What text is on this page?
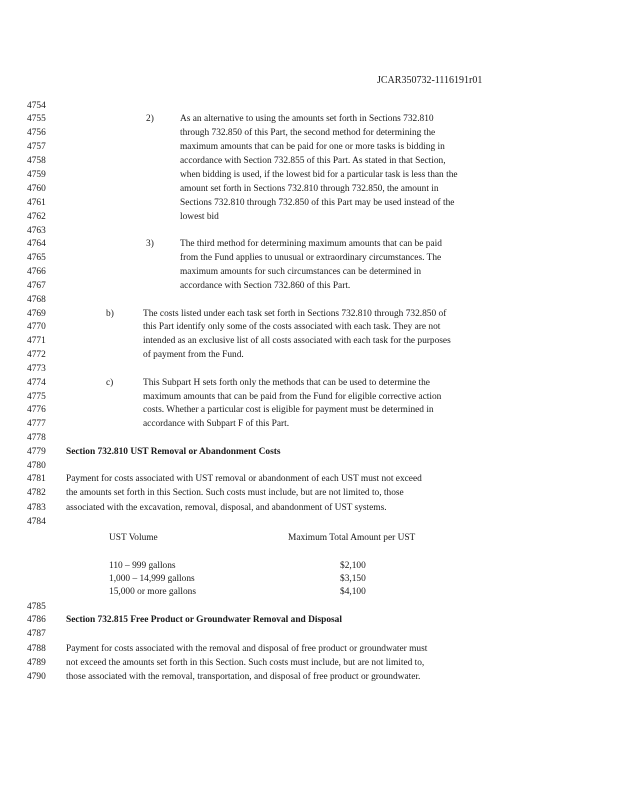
JCAR350732-1116191r01
4754
4755	2)	As an alternative to using the amounts set forth in Sections 732.810
4756	through 732.850 of this Part, the second method for determining the
4757	maximum amounts that can be paid for one or more tasks is bidding in
4758	accordance with Section 732.855 of this Part. As stated in that Section,
4759	when bidding is used, if the lowest bid for a particular task is less than the
4760	amount set forth in Sections 732.810 through 732.850, the amount in
4761	Sections 732.810 through 732.850 of this Part may be used instead of the
4762	lowest bid
4763
4764	3)	The third method for determining maximum amounts that can be paid
4765	from the Fund applies to unusual or extraordinary circumstances. The
4766	maximum amounts for such circumstances can be determined in
4767	accordance with Section 732.860 of this Part.
4768
4769	b)	The costs listed under each task set forth in Sections 732.810 through 732.850 of
4770	this Part identify only some of the costs associated with each task. They are not
4771	intended as an exclusive list of all costs associated with each task for the purposes
4772	of payment from the Fund.
4773
4774	c)	This Subpart H sets forth only the methods that can be used to determine the
4775	maximum amounts that can be paid from the Fund for eligible corrective action
4776	costs. Whether a particular cost is eligible for payment must be determined in
4777	accordance with Subpart F of this Part.
4778
4779 Section 732.810 UST Removal or Abandonment Costs
4780
4781 Payment for costs associated with UST removal or abandonment of each UST must not exceed
4782 the amounts set forth in this Section. Such costs must include, but are not limited to, those
4783 associated with the excavation, removal, disposal, and abandonment of UST systems.
4784
UST Volume	Maximum Total Amount per UST
110 – 999 gallons	$2,100
1,000 – 14,999 gallons	$3,150
15,000 or more gallons	$4,100
4785
4786 Section 732.815 Free Product or Groundwater Removal and Disposal
4787
4788 Payment for costs associated with the removal and disposal of free product or groundwater must
4789 not exceed the amounts set forth in this Section. Such costs must include, but are not limited to,
4790 those associated with the removal, transportation, and disposal of free product or groundwater.
